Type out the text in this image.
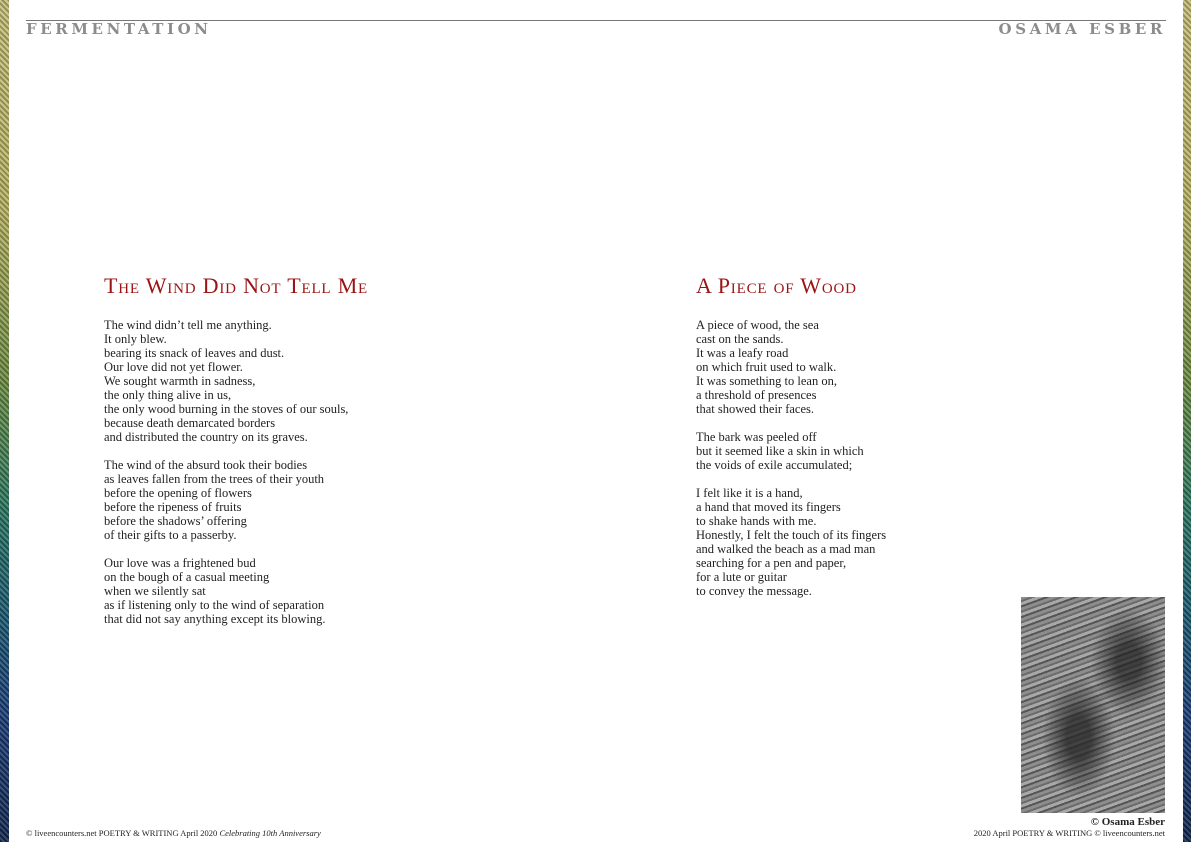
FERMENTATION	OSAMA ESBER
The Wind Did Not Tell Me
The wind didn’t tell me anything.
It only blew.
bearing its snack of leaves and dust.
Our love did not yet flower.
We sought warmth in sadness,
the only thing alive in us,
the only wood burning in the stoves of our souls,
because death demarcated borders
and distributed the country on its graves.
The wind of the absurd took their bodies
as leaves fallen from the trees of their youth
before the opening of flowers
before the ripeness of fruits
before the shadows’ offering
of their gifts to a passerby.
Our love was a frightened bud
on the bough of a casual meeting
when we silently sat
as if listening only to the wind of separation
that did not say anything except its blowing.
A Piece of Wood
A piece of wood, the sea
cast on the sands.
It was a leafy road
on which fruit used to walk.
It was something to lean on,
a threshold of presences
that showed their faces.
The bark was peeled off
but it seemed like a skin in which
the voids of exile accumulated;
I felt like it is a hand,
a hand that moved its fingers
to shake hands with me.
Honestly, I felt the touch of its fingers
and walked the beach as a mad man
searching for a pen and paper,
for a lute or guitar
to convey the message.
© Osama Esber
© liveencounters.net POETRY & WRITING April 2020 Celebrating 10th Anniversary	2020 April POETRY & WRITING © liveencounters.net
